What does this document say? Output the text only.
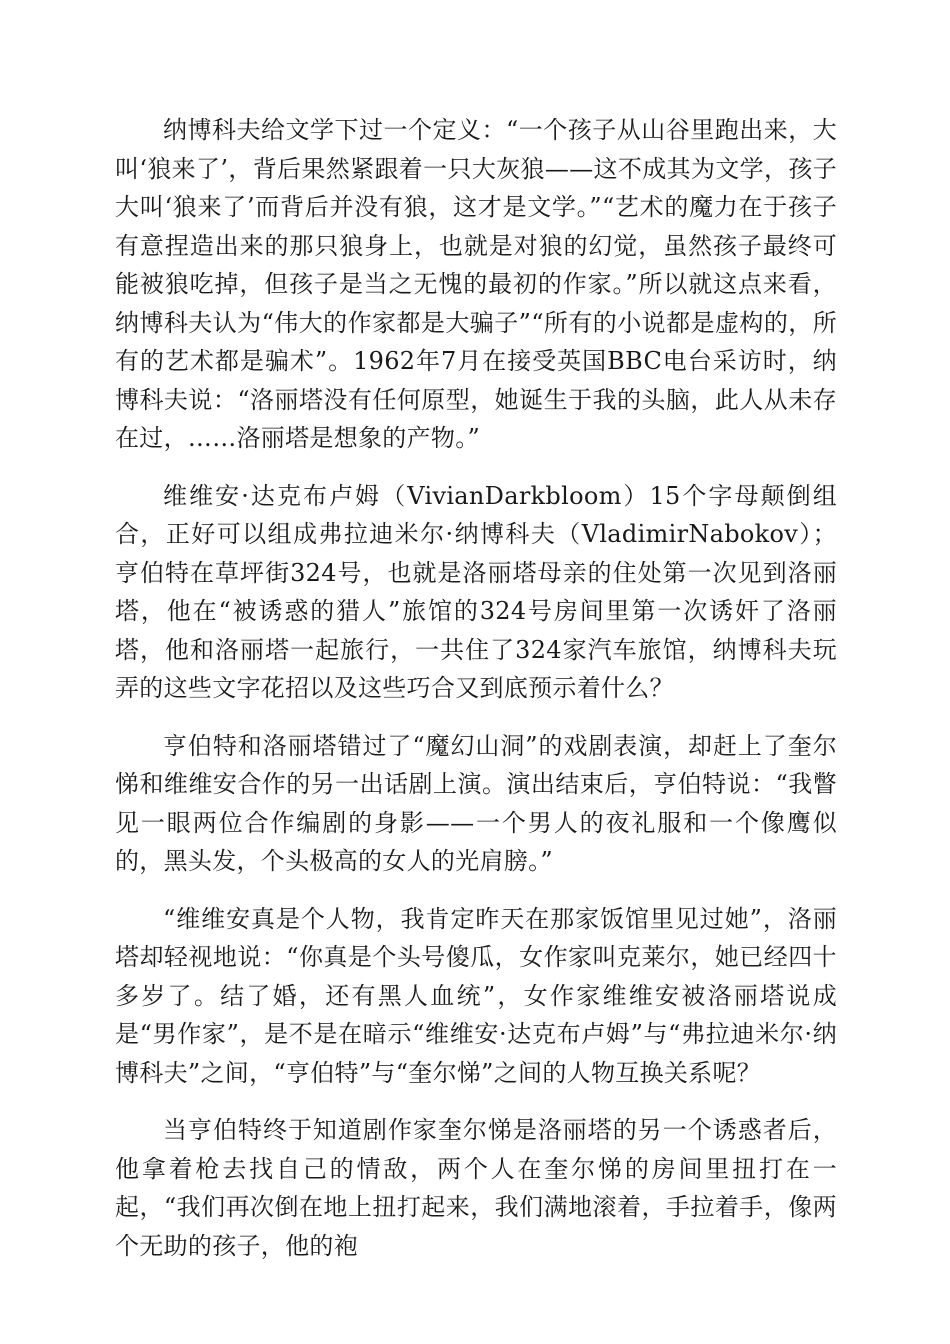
纳博科夫给文学下过一个定义：“一个孩子从山谷里跑出来，大叫‘狼来了’，背后果然紧跟着一只大灰狼——这不成其为文学，孩子大叫‘狼来了’而背后并没有狼，这才是文学。”“艺术的魔力在于孩子有意捏造出来的那只狼身上，也就是对狼的幻觉，虽然孩子最终可能被狼吃掉，但孩子是当之无愧的最初的作家。”所以就这点来看，纳博科夫认为“伟大的作家都是大骗子”“所有的小说都是虚构的，所有的艺术都是骗术”。1962年7月在接受英国BBC电台采访时，纳博科夫说：“洛丽塔没有任何原型，她诞生于我的头脑，此人从未存在过，……洛丽塔是想象的产物。”

维维安·达克布卢姆（VivianDarkbloom）15个字母颠倒组合，正好可以组成弗拉迪米尔·纳博科夫（VladimirNabokov）；亨伯特在草坪街324号，也就是洛丽塔母亲的住处第一次见到洛丽塔，他在“被诱惑的猎人”旅馆的324号房间里第一次诱奸了洛丽塔，他和洛丽塔一起旅行，一共住了324家汽车旅馆，纳博科夫玩弄的这些文字花招以及这些巧合又到底预示着什么？

亨伯特和洛丽塔错过了“魔幻山洞”的戏剧表演，却赶上了奎尔悌和维维安合作的另一出话剧上演。演出结束后，亨伯特说：“我瞥见一眼两位合作编剧的身影——一个男人的夜礼服和一个像鹰似的，黑头发，个头极高的女人的光肩膀。”

“维维安真是个人物，我肯定昨天在那家饭馆里见过她”，洛丽塔却轻视地说：“你真是个头号傻瓜，女作家叫克莱尔，她已经四十多岁了。结了婚，还有黑人血统”，女作家维维安被洛丽塔说成是“男作家”，是不是在暗示“维维安·达克布卢姆”与“弗拉迪米尔·纳博科夫”之间，“亨伯特”与“奎尔悌”之间的人物互换关系呢？

当亨伯特终于知道剧作家奎尔悌是洛丽塔的另一个诱惑者后，他拿着枪去找自己的情敌，两个人在奎尔悌的房间里扭打在一起，“我们再次倒在地上扭打起来，我们满地滚着，手拉着手，像两个无助的孩子，他的袍
